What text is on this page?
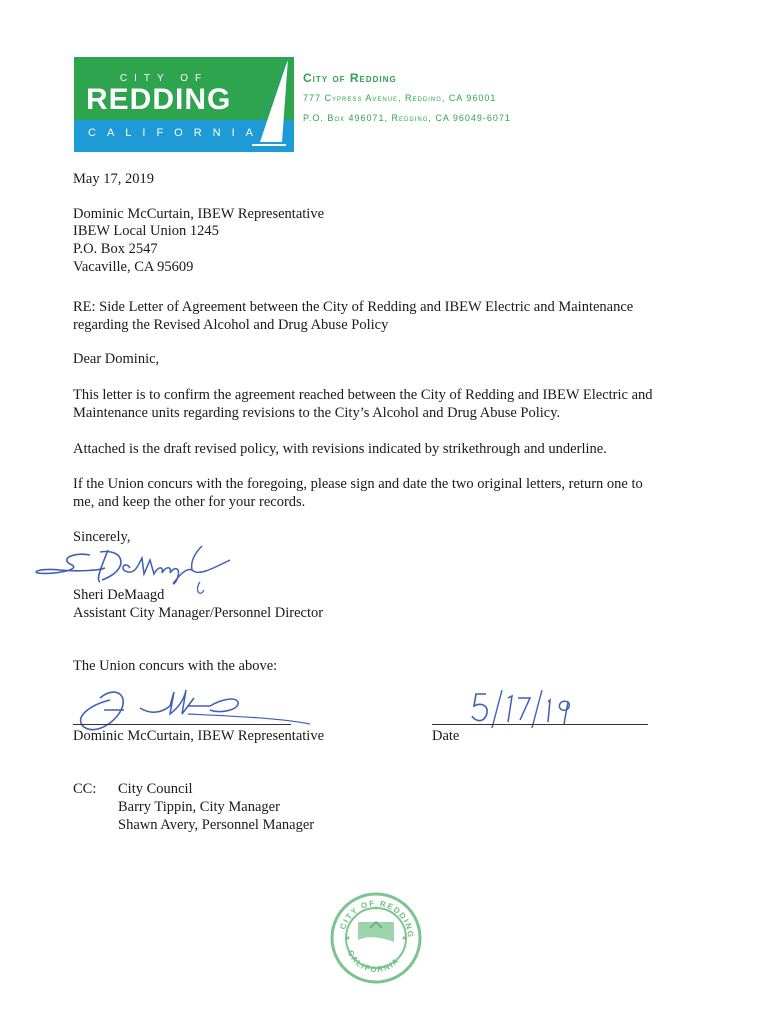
CITY OF
REDDING
CALIFORNIA
City of Redding
777 Cypress Avenue, Redding, CA 96001
P.O. Box 496071, Redding, CA 96049-6071
May 17, 2019
Dominic McCurtain, IBEW Representative
IBEW Local Union 1245
P.O. Box 2547
Vacaville, CA 95609
RE: Side Letter of Agreement between the City of Redding and IBEW Electric and Maintenance
regarding the Revised Alcohol and Drug Abuse Policy
Dear Dominic,
This letter is to confirm the agreement reached between the City of Redding and IBEW Electric and
Maintenance units regarding revisions to the City’s Alcohol and Drug Abuse Policy.
Attached is the draft revised policy, with revisions indicated by strikethrough and underline.
If the Union concurs with the foregoing, please sign and date the two original letters, return one to
me, and keep the other for your records.
Sincerely,
Sheri DeMaagd
Assistant City Manager/Personnel Director
The Union concurs with the above:
Dominic McCurtain, IBEW Representative	Date
CC: City Council
Barry Tippin, City Manager
Shawn Avery, Personnel Manager
CITY OF REDDING
CALIFORNIA
